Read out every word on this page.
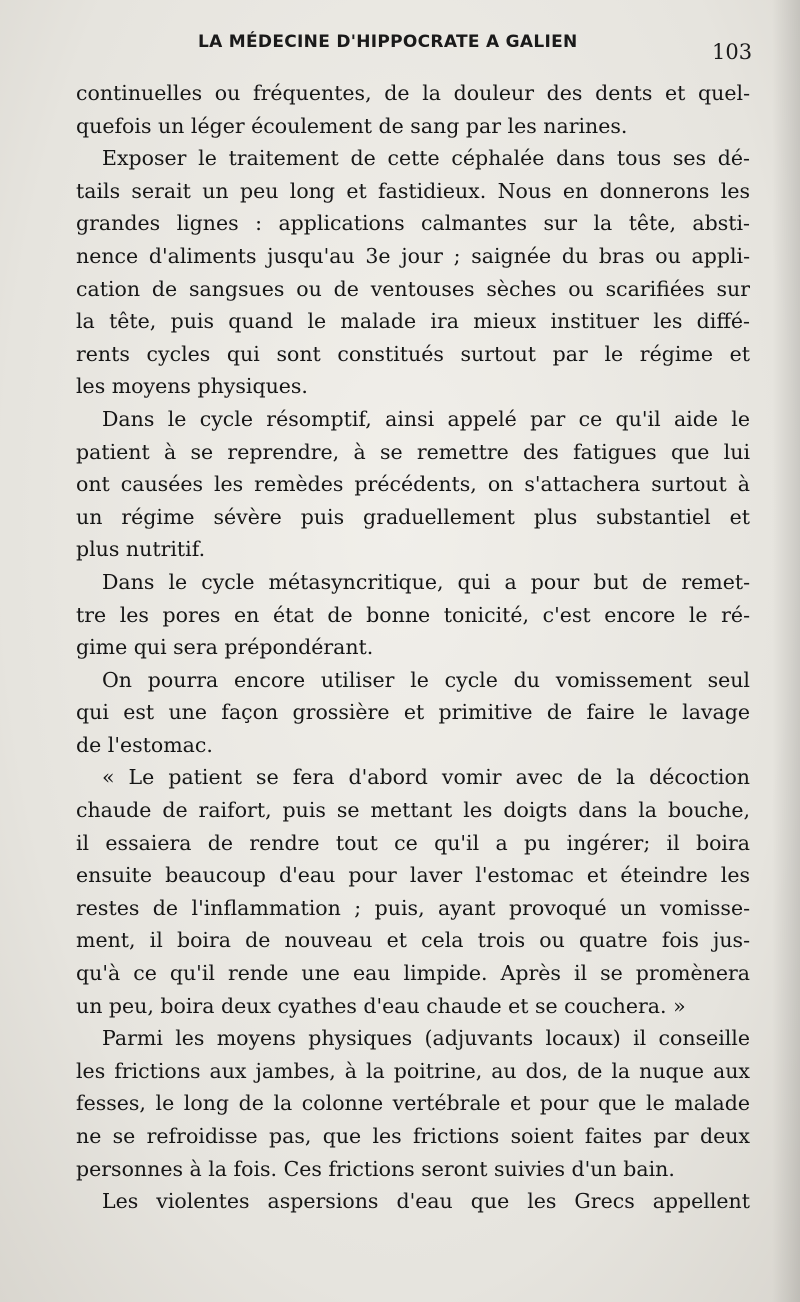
LA MÉDECINE D'HIPPOCRATE A GALIEN	103
continuelles ou fréquentes, de la douleur des dents et quel-
quefois un léger écoulement de sang par les narines.
Exposer le traitement de cette céphalée dans tous ses dé-
tails serait un peu long et fastidieux. Nous en donnerons les
grandes lignes : applications calmantes sur la tête, absti-
nence d'aliments jusqu'au 3e jour ; saignée du bras ou appli-
cation de sangsues ou de ventouses sèches ou scarifiées sur
la tête, puis quand le malade ira mieux instituer les diffé-
rents cycles qui sont constitués surtout par le régime et
les moyens physiques.
Dans le cycle résomptif, ainsi appelé par ce qu'il aide le
patient à se reprendre, à se remettre des fatigues que lui
ont causées les remèdes précédents, on s'attachera surtout à
un régime sévère puis graduellement plus substantiel et
plus nutritif.
Dans le cycle métasyncritique, qui a pour but de remet-
tre les pores en état de bonne tonicité, c'est encore le ré-
gime qui sera prépondérant.
On pourra encore utiliser le cycle du vomissement seul
qui est une façon grossière et primitive de faire le lavage
de l'estomac.
« Le patient se fera d'abord vomir avec de la décoction
chaude de raifort, puis se mettant les doigts dans la bouche,
il essaiera de rendre tout ce qu'il a pu ingérer; il boira
ensuite beaucoup d'eau pour laver l'estomac et éteindre les
restes de l'inflammation ; puis, ayant provoqué un vomisse-
ment, il boira de nouveau et cela trois ou quatre fois jus-
qu'à ce qu'il rende une eau limpide. Après il se promènera
un peu, boira deux cyathes d'eau chaude et se couchera. »
Parmi les moyens physiques (adjuvants locaux) il conseille
les frictions aux jambes, à la poitrine, au dos, de la nuque aux
fesses, le long de la colonne vertébrale et pour que le malade
ne se refroidisse pas, que les frictions soient faites par deux
personnes à la fois. Ces frictions seront suivies d'un bain.
Les violentes aspersions d'eau que les Grecs appellent
